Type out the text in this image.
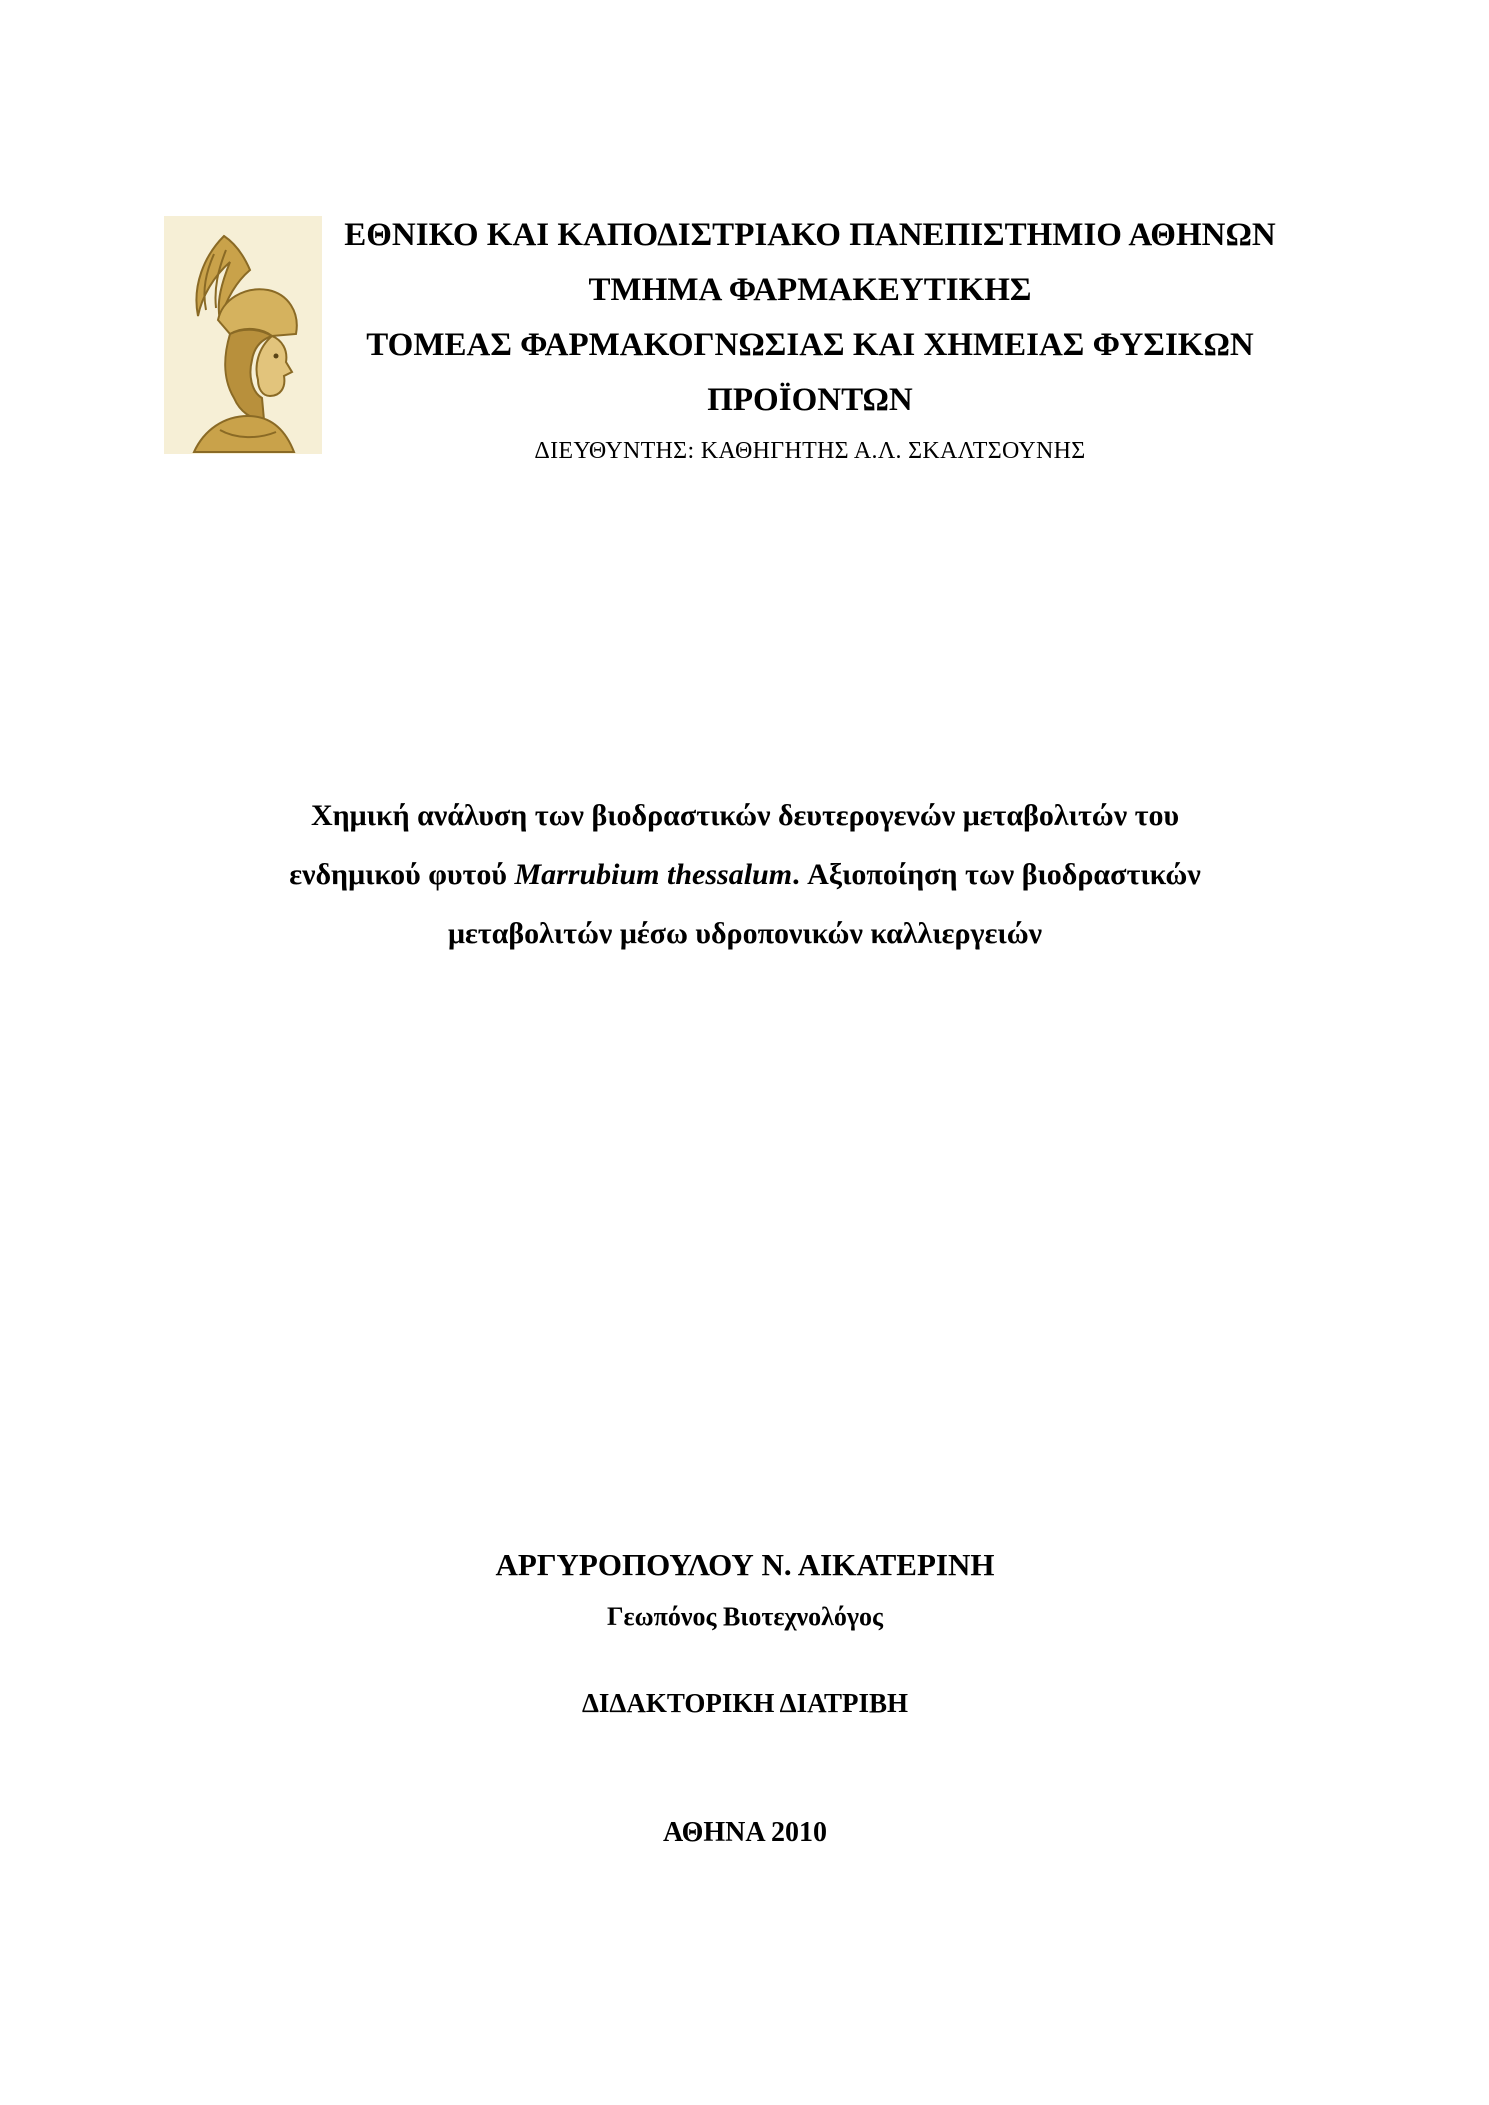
ΕΘΝΙΚΟ ΚΑΙ ΚΑΠΟΔΙΣΤΡΙΑΚΟ ΠΑΝΕΠΙΣΤΗΜΙΟ ΑΘΗΝΩΝ

ΤΜΗΜΑ ΦΑΡΜΑΚΕΥΤΙΚΗΣ

ΤΟΜΕΑΣ ΦΑΡΜΑΚΟΓΝΩΣΙΑΣ ΚΑΙ ΧΗΜΕΙΑΣ ΦΥΣΙΚΩΝ

ΠΡΟΪΟΝΤΩΝ

ΔΙΕΥΘΥΝΤΗΣ: ΚΑΘΗΓΗΤΗΣ Α.Λ. ΣΚΑΛΤΣΟΥΝΗΣ

Χημική ανάλυση των βιοδραστικών δευτερογενών μεταβολιτών του

ενδημικού φυτού Marrubium thessalum. Αξιοποίηση των βιοδραστικών

μεταβολιτών μέσω υδροπονικών καλλιεργειών

ΑΡΓΥΡΟΠΟΥΛΟΥ Ν. ΑΙΚΑΤΕΡΙΝΗ

Γεωπόνος Βιοτεχνολόγος

ΔΙΔΑΚΤΟΡΙΚΗ ΔΙΑΤΡΙΒΗ

ΑΘΗΝΑ 2010
